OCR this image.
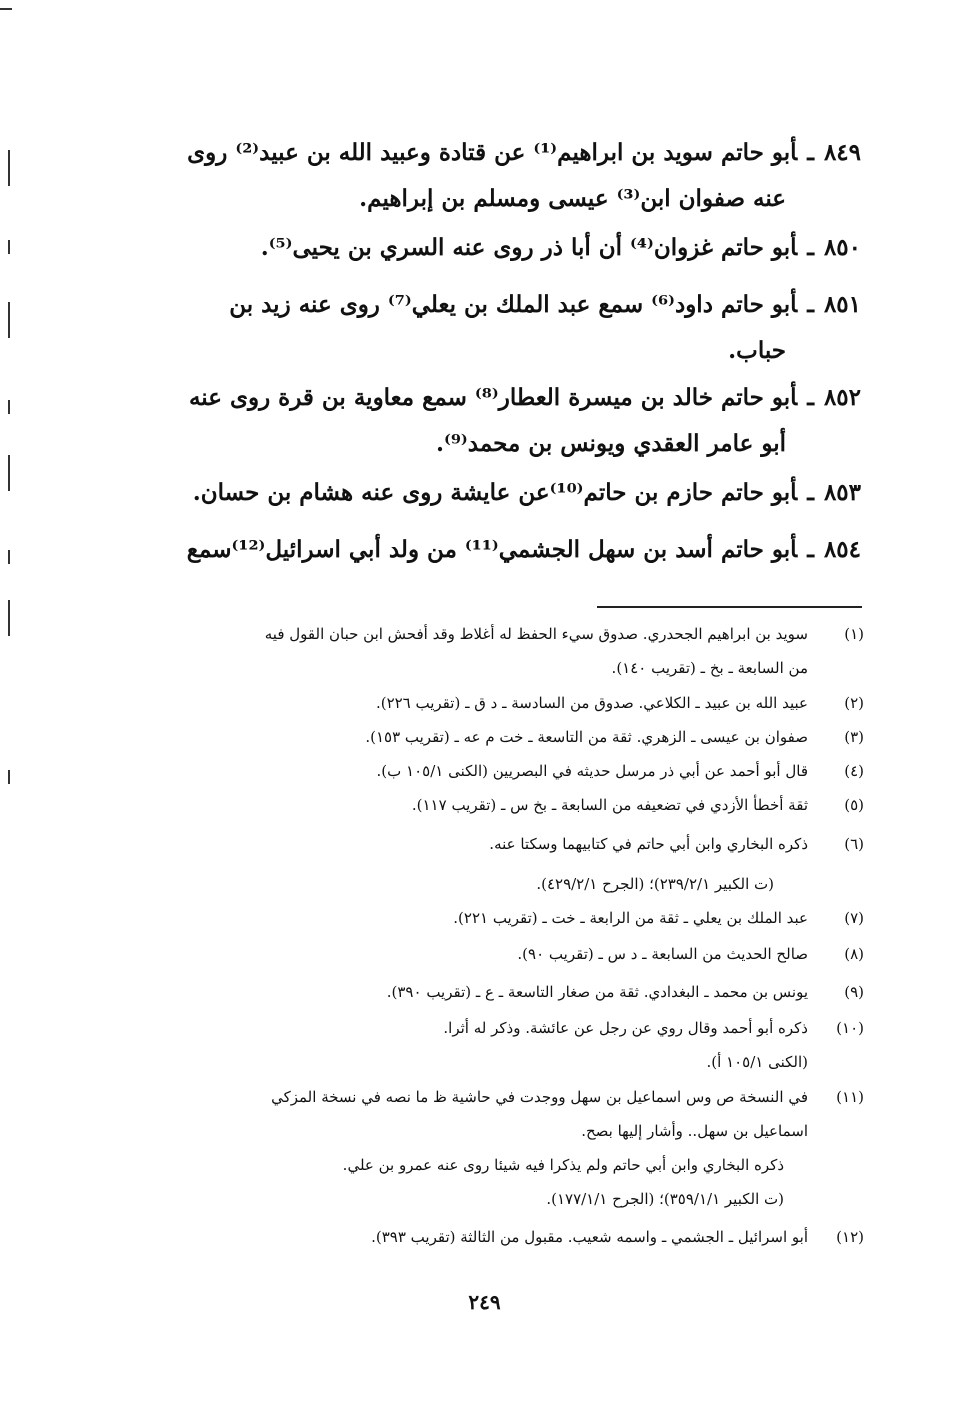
٨٤٩ـأبو حاتم سويد بن ابراهيم⁽¹⁾ عن قتادة وعبيد الله بن عبيد⁽²⁾ روى
عنه صفوان ابن⁽³⁾ عيسى ومسلم بن إبراهيم.
٨٥٠ـأبو حاتم غزوان⁽⁴⁾ أن أبا ذر روى عنه السري بن يحيى⁽⁵⁾.
٨٥١ـأبو حاتم داود⁽⁶⁾ سمع عبد الملك بن يعلي⁽⁷⁾ روى عنه زيد بن
حباب.
٨٥٢ـأبو حاتم خالد بن ميسرة العطار⁽⁸⁾ سمع معاوية بن قرة روى عنه
أبو عامر العقدي ويونس بن محمد⁽⁹⁾.
٨٥٣ـأبو حاتم حازم بن حاتم⁽¹⁰⁾عن عايشة روى عنه هشام بن حسان.
٨٥٤ـأبو حاتم أسد بن سهل الجشمي⁽¹¹⁾ من ولد أبي اسرائيل⁽¹²⁾سمع
(١)سويد بن ابراهيم الجحدري. صدوق سيء الحفظ له أغلاط وقد أفحش ابن حبان القول فيه
من السابعة ـ بخ ـ (تقريب ١٤٠).
(٢)عبيد الله بن عبيد ـ الكلاعي. صدوق من السادسة ـ د ق ـ (تقريب ٢٢٦).
(٣)صفوان بن عيسى ـ الزهري. ثقة من التاسعة ـ خت م عه ـ (تقريب ١٥٣).
(٤)قال أبو أحمد عن أبي ذر مرسل حديثه في البصريين (الكنى ١٠٥/١ ب).
(٥)ثقة أخطأ الأزدي في تضعيفه من السابعة ـ بخ س ـ (تقريب ١١٧).
(٦)ذكره البخاري وابن أبي حاتم في كتابيهما وسكتا عنه.
(ت الكبير ٢٣٩/٢/١)؛ (الجرح ٤٢٩/٢/١).
(٧)عبد الملك بن يعلي ـ ثقة من الرابعة ـ خت ـ (تقريب ٢٢١).
(٨)صالح الحديث من السابعة ـ د س ـ (تقريب ٩٠).
(٩)يونس بن محمد ـ البغدادي. ثقة من صغار التاسعة ـ ع ـ (تقريب ٣٩٠).
(١٠)ذكره أبو أحمد وقال روي عن رجل عن عائشة. وذكر له أثرا.
(الكنى ١٠٥/١ أ).
(١١)في النسخة ص وس اسماعيل بن سهل ووجدت في حاشية ظ ما نصه في نسخة المزكي
اسماعيل بن سهل.. وأشار إليها بصح.
ذكره البخاري وابن أبي حاتم ولم يذكرا فيه شيئا روى عنه عمرو بن علي.
(ت الكبير ٣٥٩/١/١)؛ (الجرح ١٧٧/١/١).
(١٢)أبو اسرائيل ـ الجشمي ـ واسمه شعيب. مقبول من الثالثة (تقريب ٣٩٣).
٢٤٩
